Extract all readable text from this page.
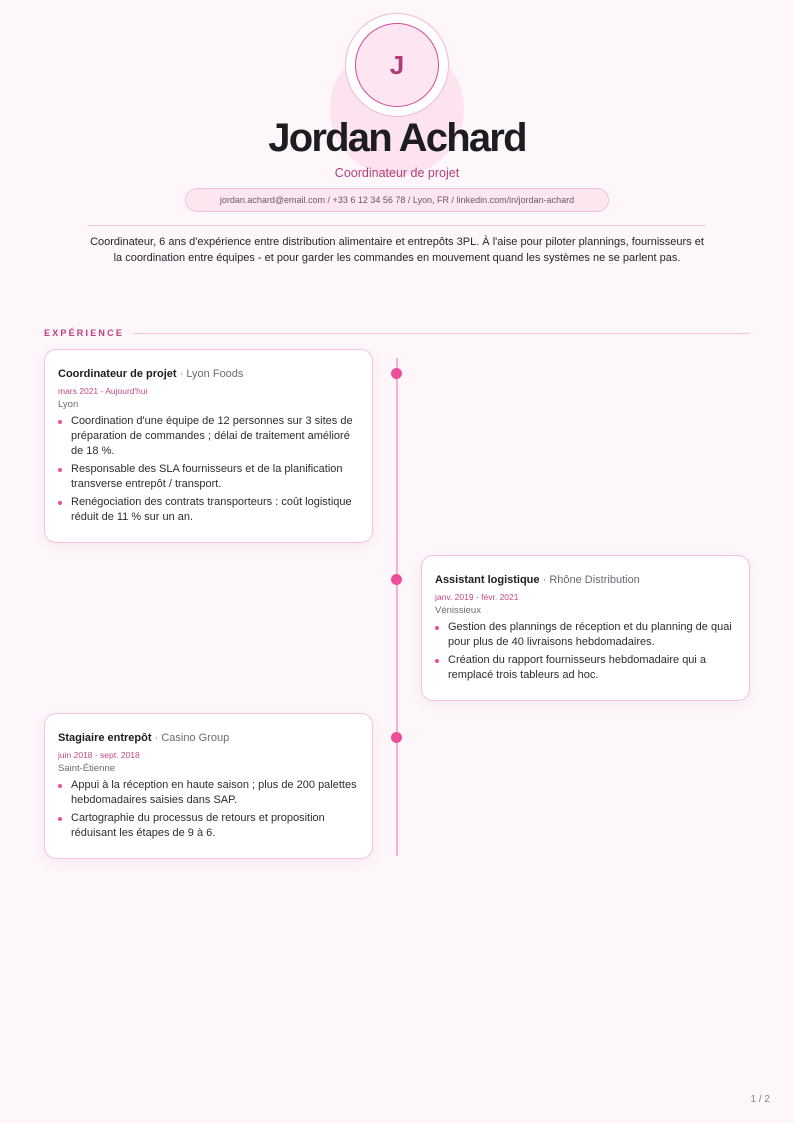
J
Jordan Achard
Coordinateur de projet
jordan.achard@email.com / +33 6 12 34 56 78 / Lyon, FR / linkedin.com/in/jordan-achard
Coordinateur, 6 ans d'expérience entre distribution alimentaire et entrepôts 3PL. À l'aise pour piloter plannings, fournisseurs et la coordination entre équipes - et pour garder les commandes en mouvement quand les systèmes ne se parlent pas.
EXPÉRIENCE
Coordinateur de projet · Lyon Foods
mars 2021 - Aujourd'hui
Lyon
Coordination d'une équipe de 12 personnes sur 3 sites de préparation de commandes ; délai de traitement amélioré de 18 %.
Responsable des SLA fournisseurs et de la planification transverse entrepôt / transport.
Renégociation des contrats transporteurs : coût logistique réduit de 11 % sur un an.
Assistant logistique · Rhône Distribution
janv. 2019 - févr. 2021
Vénissieux
Gestion des plannings de réception et du planning de quai pour plus de 40 livraisons hebdomadaires.
Création du rapport fournisseurs hebdomadaire qui a remplacé trois tableurs ad hoc.
Stagiaire entrepôt · Casino Group
juin 2018 - sept. 2018
Saint-Étienne
Appui à la réception en haute saison ; plus de 200 palettes hebdomadaires saisies dans SAP.
Cartographie du processus de retours et proposition réduisant les étapes de 9 à 6.
1 / 2
